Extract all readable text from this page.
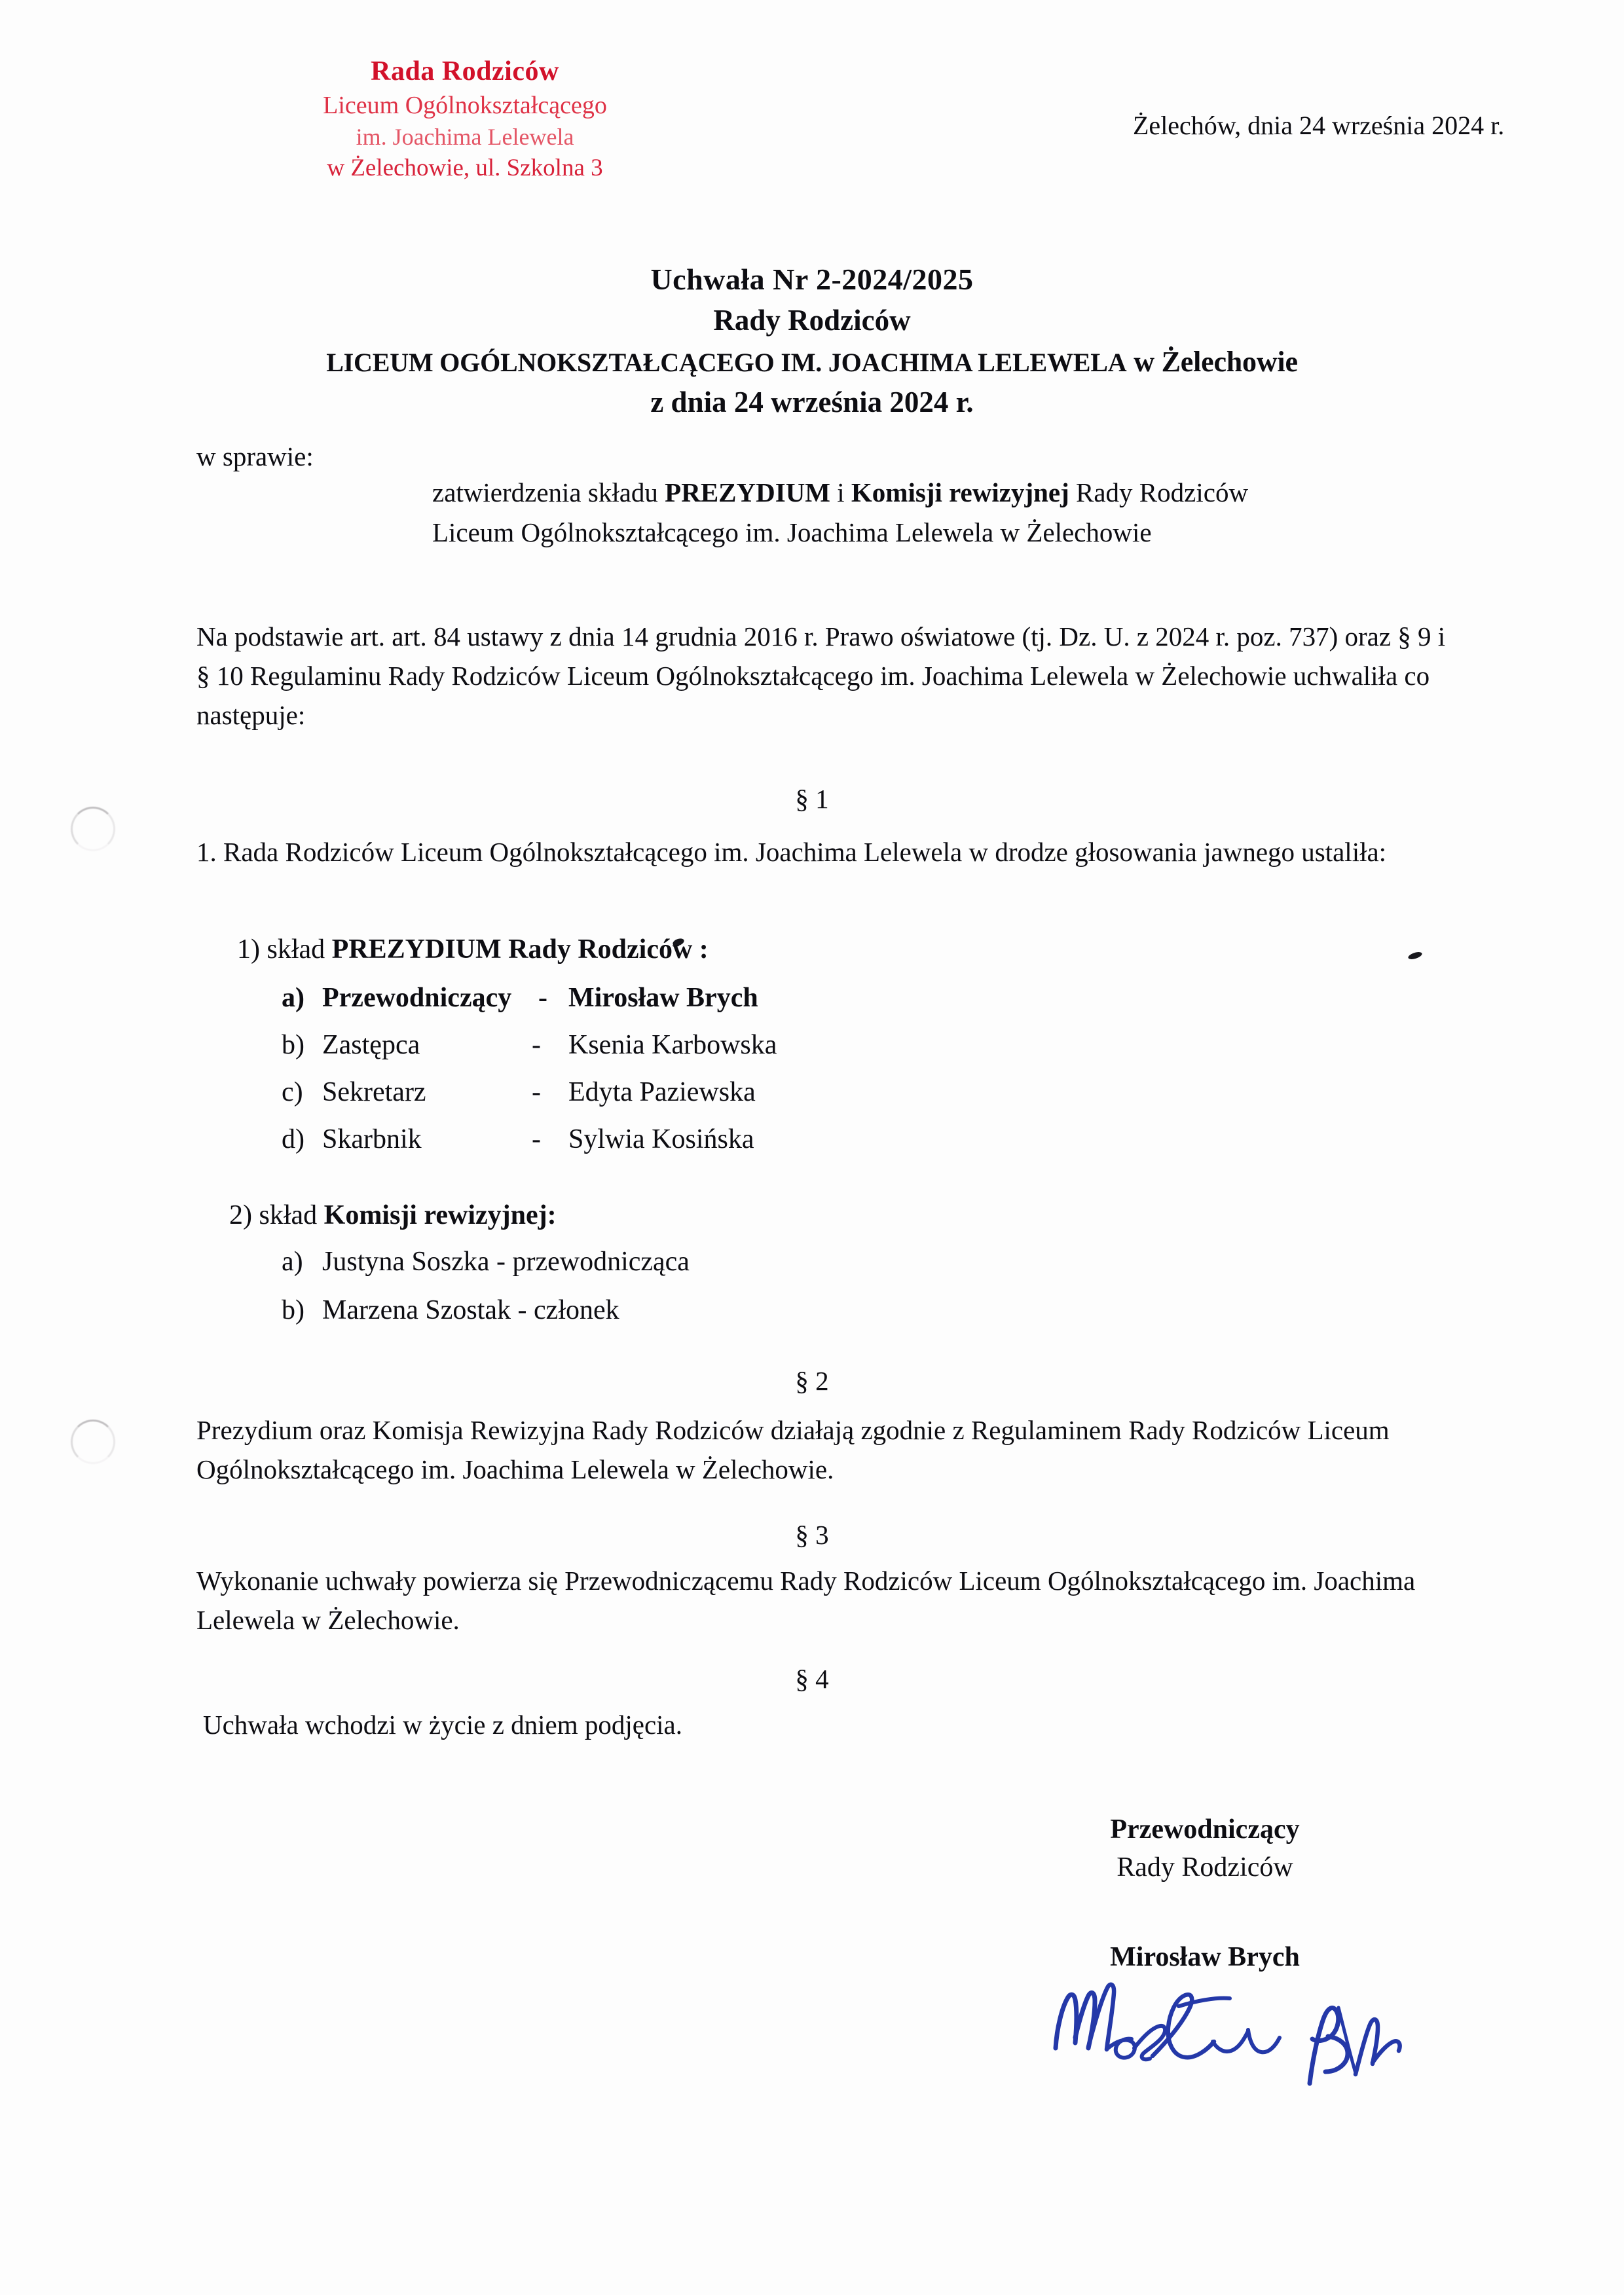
Rada Rodziców
Liceum Ogólnokształcącego
im. Joachima Lelewela
w Żelechowie, ul. Szkolna 3
Żelechów, dnia 24 września 2024 r.
Uchwała Nr 2-2024/2025
Rady Rodziców
LICEUM OGÓLNOKSZTAŁCĄCEGO IM. JOACHIMA LELEWELA w Żelechowie
z dnia 24 września 2024 r.
w sprawie:
zatwierdzenia składu PREZYDIUM i Komisji rewizyjnej Rady Rodziców
Liceum Ogólnokształcącego im. Joachima Lelewela w Żelechowie
Na podstawie art. art. 84 ustawy z dnia 14 grudnia 2016 r. Prawo oświatowe (tj. Dz. U. z 2024 r. poz. 737) oraz § 9 i § 10 Regulaminu Rady Rodziców Liceum Ogólnokształcącego im. Joachima Lelewela w Żelechowie uchwaliła co następuje:
§ 1
1. Rada Rodziców Liceum Ogólnokształcącego im. Joachima Lelewela w drodze głosowania jawnego ustaliła:
1) skład PREZYDIUM Rady Rodziców :
a) Przewodniczący - Mirosław Brych
b) Zastępca	-	Ksenia Karbowska
c) Sekretarz	-	Edyta Paziewska
d) Skarbnik	-	Sylwia Kosińska
2) skład Komisji rewizyjnej:
a) Justyna Soszka - przewodnicząca
b) Marzena Szostak - członek
§ 2
Prezydium oraz Komisja Rewizyjna Rady Rodziców działają zgodnie z Regulaminem Rady Rodziców Liceum Ogólnokształcącego im. Joachima Lelewela w Żelechowie.
§ 3
Wykonanie uchwały powierza się Przewodniczącemu Rady Rodziców Liceum Ogólnokształcącego im. Joachima Lelewela w Żelechowie.
§ 4
Uchwała wchodzi w życie z dniem podjęcia.
Przewodniczący
Rady Rodziców
Mirosław Brych
